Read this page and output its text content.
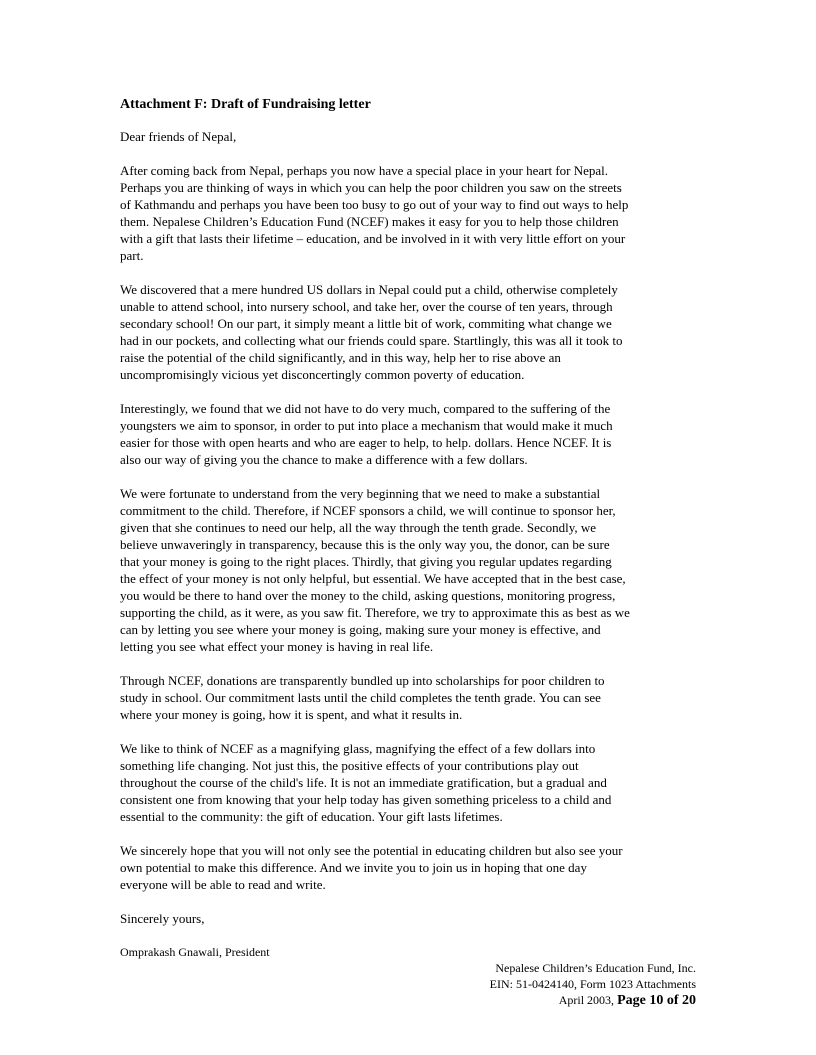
Attachment F: Draft of Fundraising letter

Dear friends of Nepal,

After coming back from Nepal, perhaps you now have a special place in your heart for Nepal.
Perhaps you are thinking of ways in which you can help the poor children you saw on the streets
of Kathmandu and perhaps you have been too busy to go out of your way to find out ways to help
them. Nepalese Children’s Education Fund (NCEF) makes it easy for you to help those children
with a gift that lasts their lifetime – education, and be involved in it with very little effort on your
part.

We discovered that a mere hundred US dollars in Nepal could put a child, otherwise completely
unable to attend school, into nursery school, and take her, over the course of ten years, through
secondary school! On our part, it simply meant a little bit of work, commiting what change we
had in our pockets, and collecting what our friends could spare. Startlingly, this was all it took to
raise the potential of the child significantly, and in this way, help her to rise above an
uncompromisingly vicious yet disconcertingly common poverty of education.

Interestingly, we found that we did not have to do very much, compared to the suffering of the
youngsters we aim to sponsor, in order to put into place a mechanism that would make it much
easier for those with open hearts and who are eager to help, to help. dollars. Hence NCEF. It is
also our way of giving you the chance to make a difference with a few dollars.

We were fortunate to understand from the very beginning that we need to make a substantial
commitment to the child. Therefore, if NCEF sponsors a child, we will continue to sponsor her,
given that she continues to need our help, all the way through the tenth grade. Secondly, we
believe unwaveringly in transparency, because this is the only way you, the donor, can be sure
that your money is going to the right places. Thirdly, that giving you regular updates regarding
the effect of your money is not only helpful, but essential. We have accepted that in the best case,
you would be there to hand over the money to the child, asking questions, monitoring progress,
supporting the child, as it were, as you saw fit. Therefore, we try to approximate this as best as we
can by letting you see where your money is going, making sure your money is effective, and
letting you see what effect your money is having in real life.

Through NCEF, donations are transparently bundled up into scholarships for poor children to
study in school. Our commitment lasts until the child completes the tenth grade. You can see
where your money is going, how it is spent, and what it results in.

We like to think of NCEF as a magnifying glass, magnifying the effect of a few dollars into
something life changing. Not just this, the positive effects of your contributions play out
throughout the course of the child's life. It is not an immediate gratification, but a gradual and
consistent one from knowing that your help today has given something priceless to a child and
essential to the community: the gift of education. Your gift lasts lifetimes.

We sincerely hope that you will not only see the potential in educating children but also see your
own potential to make this difference. And we invite you to join us in hoping that one day
everyone will be able to read and write.

Sincerely yours,

Omprakash Gnawali, President

Nepalese Children’s Education Fund, Inc.
EIN: 51-0424140, Form 1023 Attachments
April 2003, Page 10 of 20
